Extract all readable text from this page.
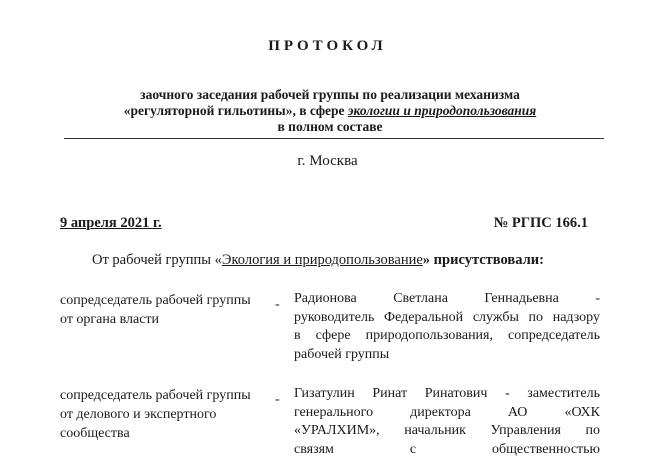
ПРОТОКОЛ
заочного заседания рабочей группы по реализации механизма
«регуляторной гильотины», в сфере экологии и природопользования
в полном составе
г. Москва
9 апреля 2021 г.	№ РГПС 166.1
От рабочей группы «Экология и природопользование» присутствовали:
сопредседатель рабочей группы от органа власти
- Радионова Светлана Геннадьевна -
руководитель Федеральной службы по надзору
в сфере природопользования, сопредседатель
рабочей группы
сопредседатель рабочей группы от делового и экспертного сообщества
- Гизатулин Ринат Ринатович - заместитель
генерального директора АО «ОХК
«УРАЛХИМ», начальник Управления по
связям с общественностью
